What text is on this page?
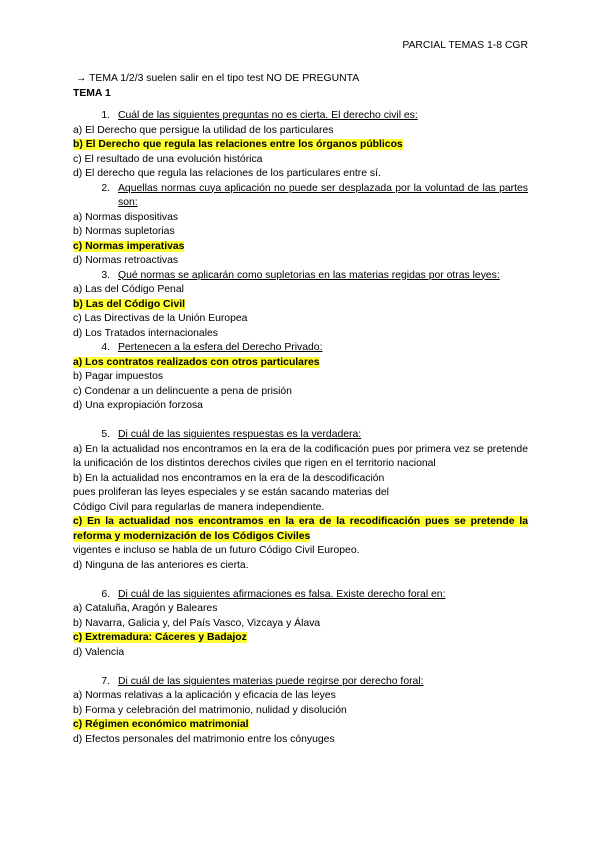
PARCIAL TEMAS 1-8 CGR
→ TEMA 1/2/3 suelen salir en el tipo test NO DE PREGUNTA
TEMA 1
1. Cuál de las siguientes preguntas no es cierta. El derecho civil es:
a) El Derecho que persigue la utilidad de los particulares
b) El Derecho que regula las relaciones entre los órganos públicos
c) El resultado de una evolución histórica
d) El derecho que regula las relaciones de los particulares entre sí.
2. Aquellas normas cuya aplicación no puede ser desplazada por la voluntad de las partes son:
a) Normas dispositivas
b) Normas supletorias
c) Normas imperativas
d) Normas retroactivas
3. Qué normas se aplicarán como supletorias en las materias regidas por otras leyes:
a) Las del Código Penal
b) Las del Código Civil
c) Las Directivas de la Unión Europea
d) Los Tratados internacionales
4. Pertenecen a la esfera del Derecho Privado:
a) Los contratos realizados con otros particulares
b) Pagar impuestos
c) Condenar a un delincuente a pena de prisión
d) Una expropiación forzosa
5. Di cuál de las siguientes respuestas es la verdadera:
a) En la actualidad nos encontramos en la era de la codificación pues por primera vez se pretende la unificación de los distintos derechos civiles que rigen en el territorio nacional
b) En la actualidad nos encontramos en la era de la descodificación
pues proliferan las leyes especiales y se están sacando materias del
Código Civil para regularlas de manera independiente.
c) En la actualidad nos encontramos en la era de la recodificación pues se pretende la reforma y modernización de los Códigos Civiles
vigentes e incluso se habla de un futuro Código Civil Europeo.
d) Ninguna de las anteriores es cierta.
6. Di cuál de las siguientes afirmaciones es falsa. Existe derecho foral en:
a) Cataluña, Aragón y Baleares
b) Navarra, Galicia y, del País Vasco, Vizcaya y Álava
c) Extremadura: Cáceres y Badajoz
d) Valencia
7. Di cuál de las siguientes materias puede regirse por derecho foral:
a) Normas relativas a la aplicación y eficacia de las leyes
b) Forma y celebración del matrimonio, nulidad y disolución
c) Régimen económico matrimonial
d) Efectos personales del matrimonio entre los cónyuges
